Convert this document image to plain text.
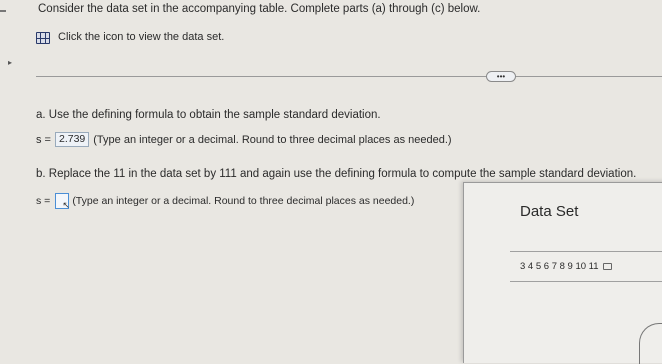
Consider the data set in the accompanying table. Complete parts (a) through (c) below.
Click the icon to view the data set.
▸
•••
a. Use the defining formula to obtain the sample standard deviation.
s = 2.739 (Type an integer or a decimal. Round to three decimal places as needed.)
b. Replace the 11 in the data set by 111 and again use the defining formula to compute the sample standard deviation.
s = ↖ (Type an integer or a decimal. Round to three decimal places as needed.)
Data Set
3 4 5 6 7 8 9 10 11
